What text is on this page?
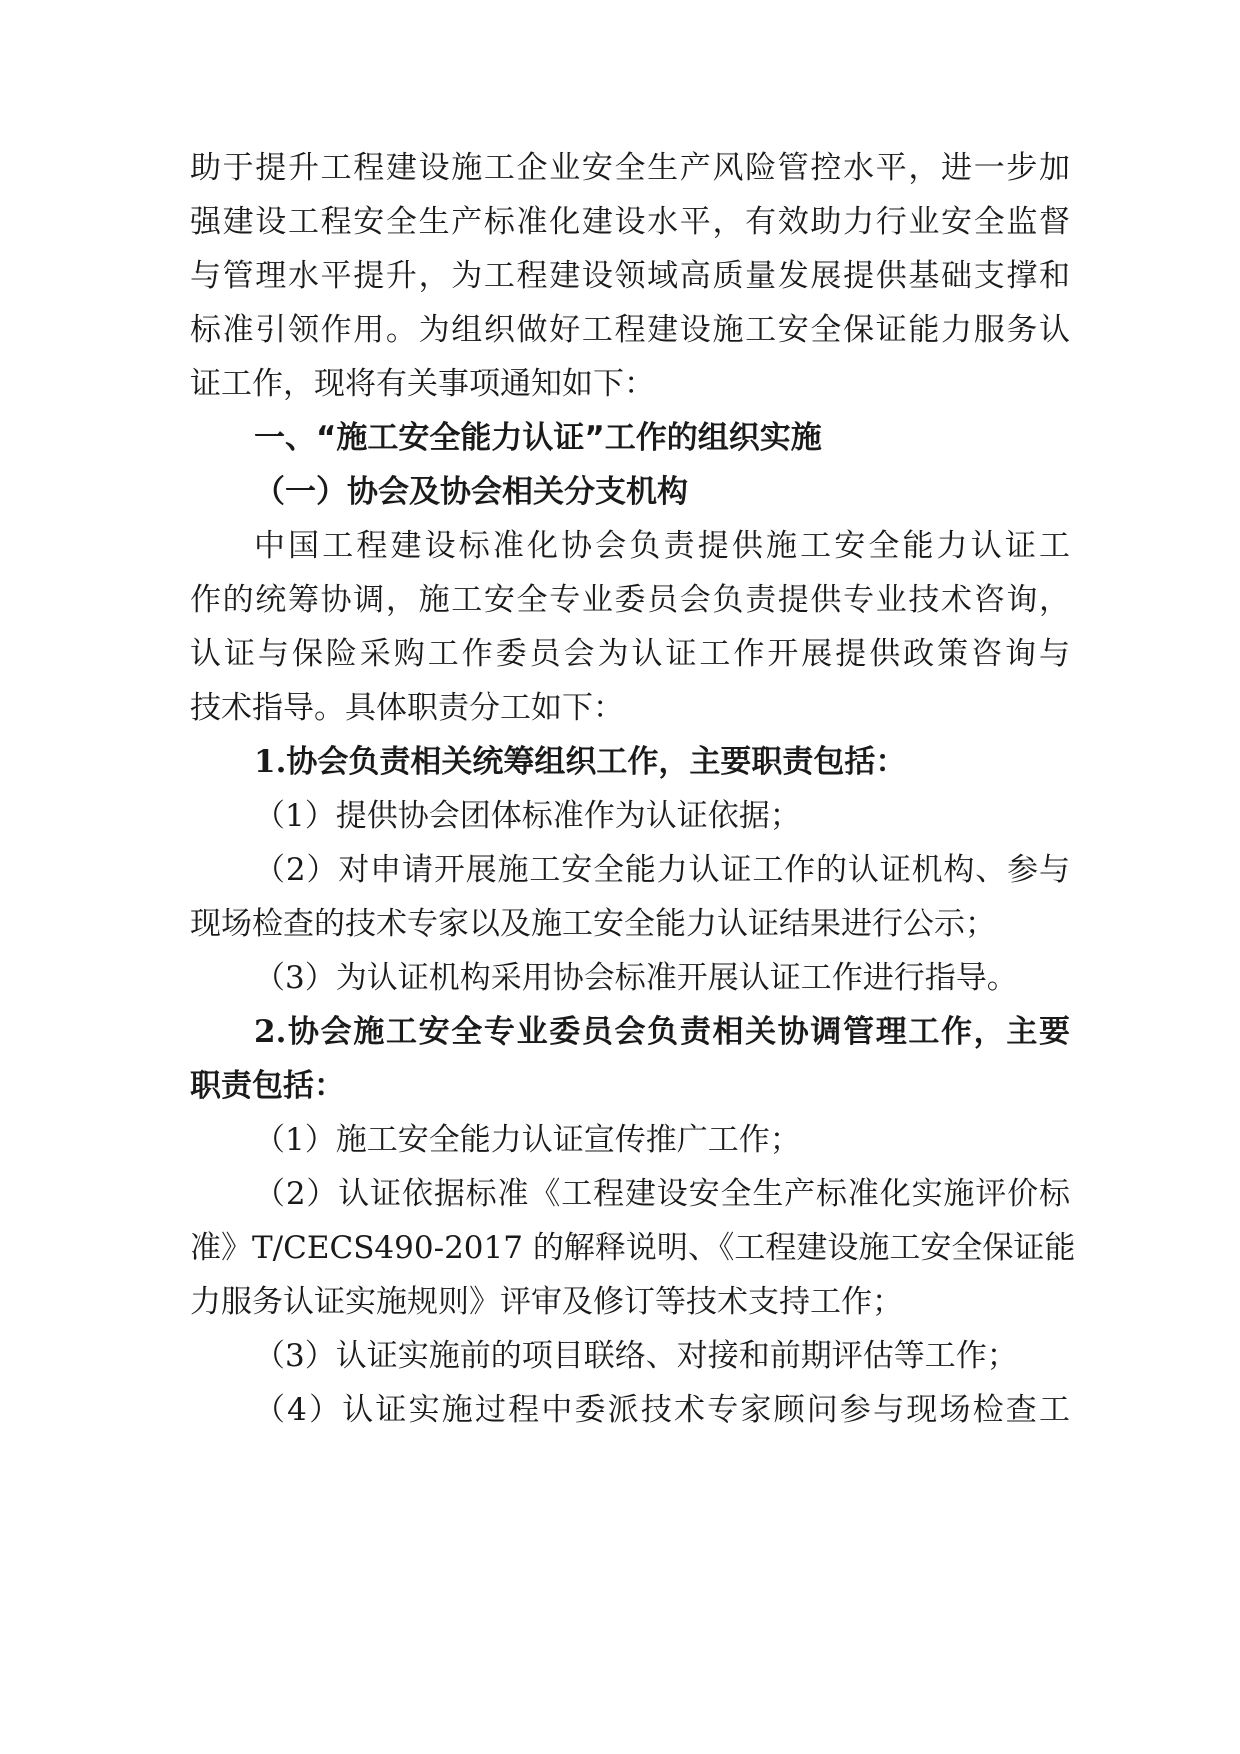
助于提升工程建设施工企业安全生产风险管控水平，进一步加
强建设工程安全生产标准化建设水平，有效助力行业安全监督
与管理水平提升，为工程建设领域高质量发展提供基础支撑和
标准引领作用。为组织做好工程建设施工安全保证能力服务认
证工作，现将有关事项通知如下：
一、“施工安全能力认证”工作的组织实施
（一）协会及协会相关分支机构
中国工程建设标准化协会负责提供施工安全能力认证工
作的统筹协调，施工安全专业委员会负责提供专业技术咨询，
认证与保险采购工作委员会为认证工作开展提供政策咨询与
技术指导。具体职责分工如下：
1.协会负责相关统筹组织工作，主要职责包括：
（1）提供协会团体标准作为认证依据；
（2）对申请开展施工安全能力认证工作的认证机构、参与
现场检查的技术专家以及施工安全能力认证结果进行公示；
（3）为认证机构采用协会标准开展认证工作进行指导。
2.协会施工安全专业委员会负责相关协调管理工作，主要
职责包括：
（1）施工安全能力认证宣传推广工作；
（2）认证依据标准《工程建设安全生产标准化实施评价标
准》T/CECS490-2017 的解释说明、《工程建设施工安全保证能
力服务认证实施规则》评审及修订等技术支持工作；
（3）认证实施前的项目联络、对接和前期评估等工作；
（4）认证实施过程中委派技术专家顾问参与现场检查工
